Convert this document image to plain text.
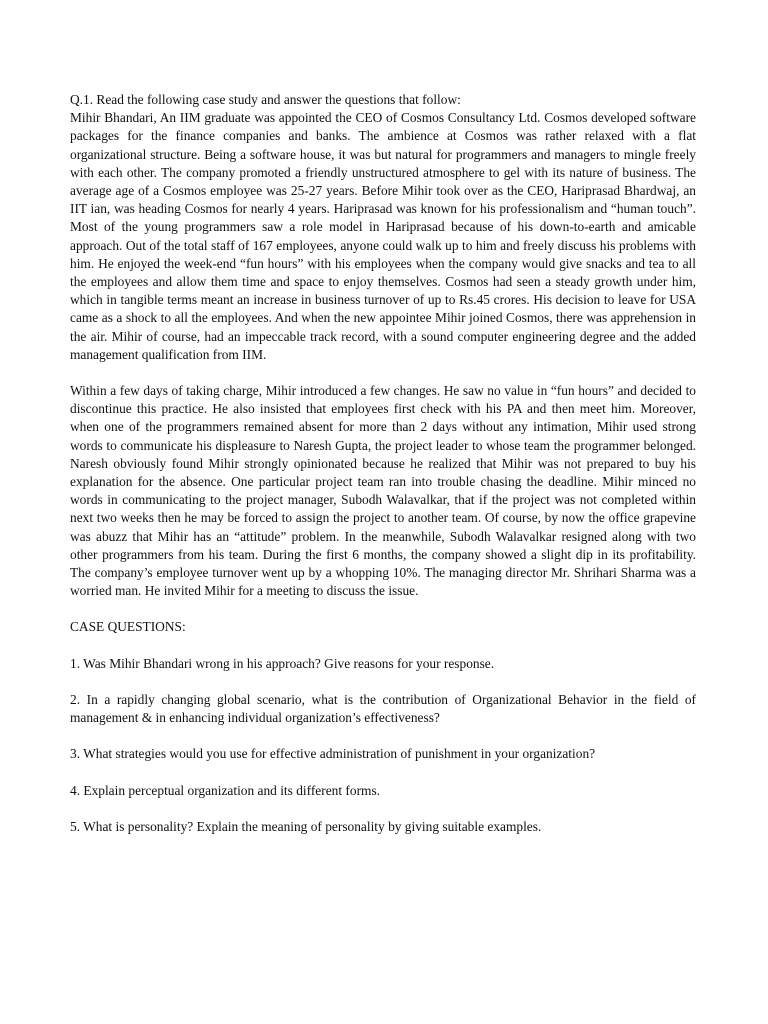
Q.1. Read the following case study and answer the questions that follow:

Mihir Bhandari, An IIM graduate was appointed the CEO of Cosmos Consultancy Ltd. Cosmos developed software packages for the finance companies and banks. The ambience at Cosmos was rather relaxed with a flat organizational structure. Being a software house, it was but natural for programmers and managers to mingle freely with each other. The company promoted a friendly unstructured atmosphere to gel with its nature of business. The average age of a Cosmos employee was 25-27 years. Before Mihir took over as the CEO, Hariprasad Bhardwaj, an IIT ian, was heading Cosmos for nearly 4 years. Hariprasad was known for his professionalism and “human touch”. Most of the young programmers saw a role model in Hariprasad because of his down-to-earth and amicable approach. Out of the total staff of 167 employees, anyone could walk up to him and freely discuss his problems with him. He enjoyed the week-end “fun hours” with his employees when the company would give snacks and tea to all the employees and allow them time and space to enjoy themselves. Cosmos had seen a steady growth under him, which in tangible terms meant an increase in business turnover of up to Rs.45 crores. His decision to leave for USA came as a shock to all the employees. And when the new appointee Mihir joined Cosmos, there was apprehension in the air. Mihir of course, had an impeccable track record, with a sound computer engineering degree and the added management qualification from IIM.

Within a few days of taking charge, Mihir introduced a few changes. He saw no value in “fun hours” and decided to discontinue this practice. He also insisted that employees first check with his PA and then meet him. Moreover, when one of the programmers remained absent for more than 2 days without any intimation, Mihir used strong words to communicate his displeasure to Naresh Gupta, the project leader to whose team the programmer belonged. Naresh obviously found Mihir strongly opinionated because he realized that Mihir was not prepared to buy his explanation for the absence. One particular project team ran into trouble chasing the deadline. Mihir minced no words in communicating to the project manager, Subodh Walavalkar, that if the project was not completed within next two weeks then he may be forced to assign the project to another team. Of course, by now the office grapevine was abuzz that Mihir has an “attitude” problem. In the meanwhile, Subodh Walavalkar resigned along with two other programmers from his team. During the first 6 months, the company showed a slight dip in its profitability. The company’s employee turnover went up by a whopping 10%. The managing director Mr. Shrihari Sharma was a worried man. He invited Mihir for a meeting to discuss the issue.

CASE QUESTIONS:

1. Was Mihir Bhandari wrong in his approach? Give reasons for your response.

2. In a rapidly changing global scenario, what is the contribution of Organizational Behavior in the field of management & in enhancing individual organization’s effectiveness?

3. What strategies would you use for effective administration of punishment in your organization?

4. Explain perceptual organization and its different forms.

5. What is personality? Explain the meaning of personality by giving suitable examples.
